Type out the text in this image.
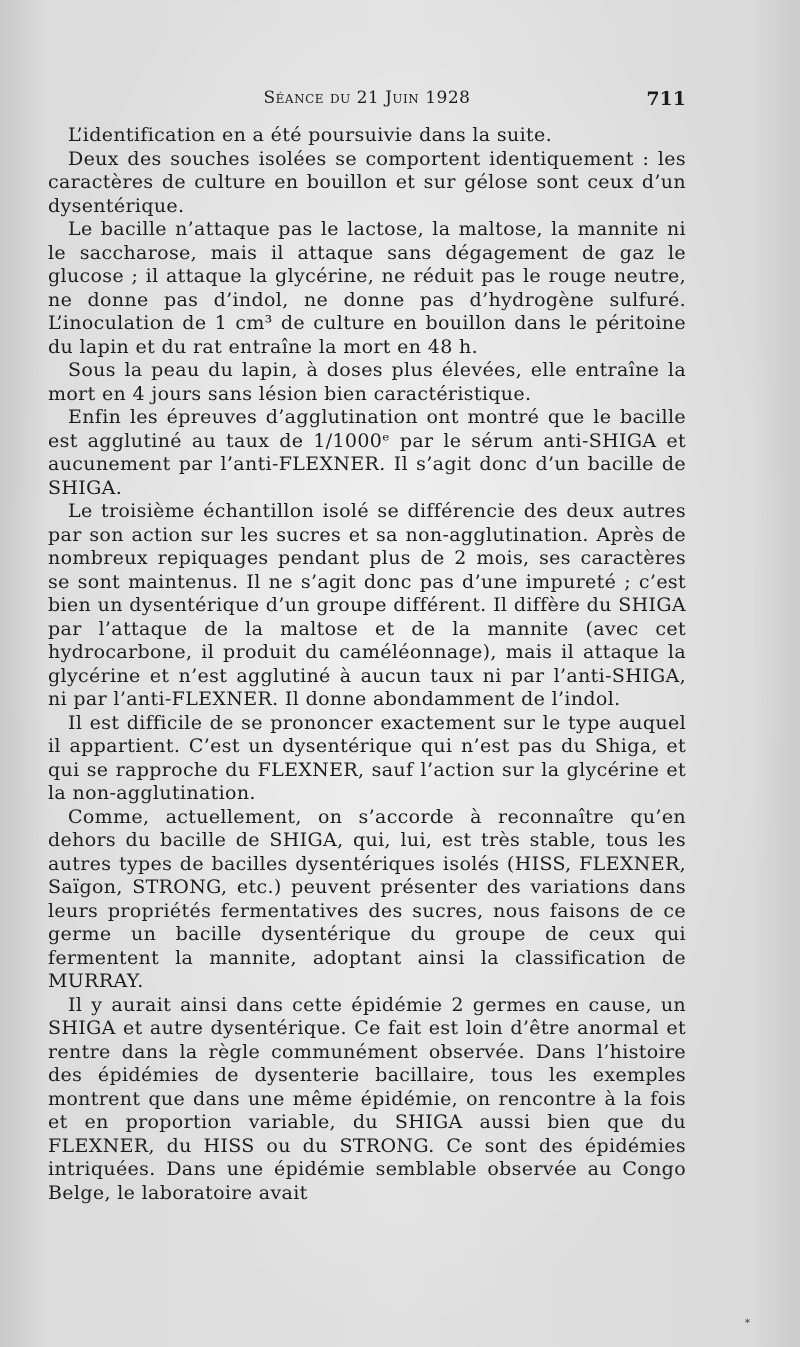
Séance du 21 Juin 1928	711

L’identification en a été poursuivie dans la suite.

Deux des souches isolées se comportent identiquement : les caractères de culture en bouillon et sur gélose sont ceux d’un dysentérique.

Le bacille n’attaque pas le lactose, la maltose, la mannite ni le saccharose, mais il attaque sans dégagement de gaz le glucose ; il attaque la glycérine, ne réduit pas le rouge neutre, ne donne pas d’indol, ne donne pas d’hydrogène sulfuré. L’inoculation de 1 cm³ de culture en bouillon dans le péritoine du lapin et du rat entraîne la mort en 48 h.

Sous la peau du lapin, à doses plus élevées, elle entraîne la mort en 4 jours sans lésion bien caractéristique.

Enfin les épreuves d’agglutination ont montré que le bacille est agglutiné au taux de 1/1000ᵉ par le sérum anti-SHIGA et aucunement par l’anti-FLEXNER. Il s’agit donc d’un bacille de SHIGA.

Le troisième échantillon isolé se différencie des deux autres par son action sur les sucres et sa non-agglutination. Après de nombreux repiquages pendant plus de 2 mois, ses caractères se sont maintenus. Il ne s’agit donc pas d’une impureté ; c’est bien un dysentérique d’un groupe différent. Il diffère du SHIGA par l’attaque de la maltose et de la mannite (avec cet hydrocarbone, il produit du caméléonnage), mais il attaque la glycérine et n’est agglutiné à aucun taux ni par l’anti-SHIGA, ni par l’anti-FLEXNER. Il donne abondamment de l’indol.

Il est difficile de se prononcer exactement sur le type auquel il appartient. C’est un dysentérique qui n’est pas du Shiga, et qui se rapproche du FLEXNER, sauf l’action sur la glycérine et la non-agglutination.

Comme, actuellement, on s’accorde à reconnaître qu’en dehors du bacille de SHIGA, qui, lui, est très stable, tous les autres types de bacilles dysentériques isolés (HISS, FLEXNER, Saïgon, STRONG, etc.) peuvent présenter des variations dans leurs propriétés fermentatives des sucres, nous faisons de ce germe un bacille dysentérique du groupe de ceux qui fermentent la mannite, adoptant ainsi la classification de MURRAY.

Il y aurait ainsi dans cette épidémie 2 germes en cause, un SHIGA et autre dysentérique. Ce fait est loin d’être anormal et rentre dans la règle communément observée. Dans l’histoire des épidémies de dysenterie bacillaire, tous les exemples montrent que dans une même épidémie, on rencontre à la fois et en proportion variable, du SHIGA aussi bien que du FLEXNER, du HISS ou du STRONG. Ce sont des épidémies intriquées. Dans une épidémie semblable observée au Congo Belge, le laboratoire avait

*
